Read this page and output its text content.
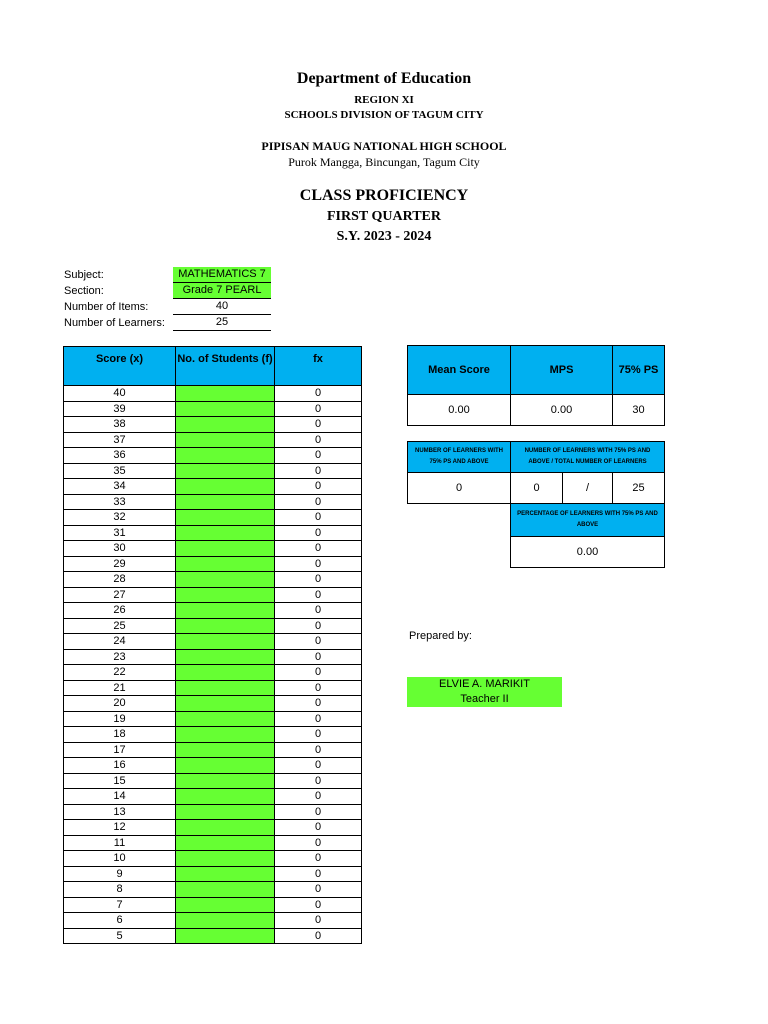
Department of Education
REGION XI
SCHOOLS DIVISION OF TAGUM CITY
PIPISAN MAUG NATIONAL HIGH SCHOOL
Purok Mangga, Bincungan, Tagum City
CLASS PROFICIENCY
FIRST QUARTER
S.Y. 2023 - 2024
Subject:	MATHEMATICS 7
Section:	Grade 7 PEARL
Number of Items:	40
Number of Learners:	25
Score (x)	No. of Students (f)	fx
40		0
39		0
38		0
37		0
36		0
35		0
34		0
33		0
32		0
31		0
30		0
29		0
28		0
27		0
26		0
25		0
24		0
23		0
22		0
21		0
20		0
19		0
18		0
17		0
16		0
15		0
14		0
13		0
12		0
11		0
10		0
9		0
8		0
7		0
6		0
5		0
Mean Score	MPS	75% PS
0.00	0.00	30
NUMBER OF LEARNERS WITH 75% PS AND ABOVE
NUMBER OF LEARNERS WITH 75% PS AND ABOVE / TOTAL NUMBER OF LEARNERS
0	0	/	25
PERCENTAGE OF LEARNERS WITH 75% PS AND ABOVE
0.00
Prepared by:
ELVIE A. MARIKIT
Teacher II
